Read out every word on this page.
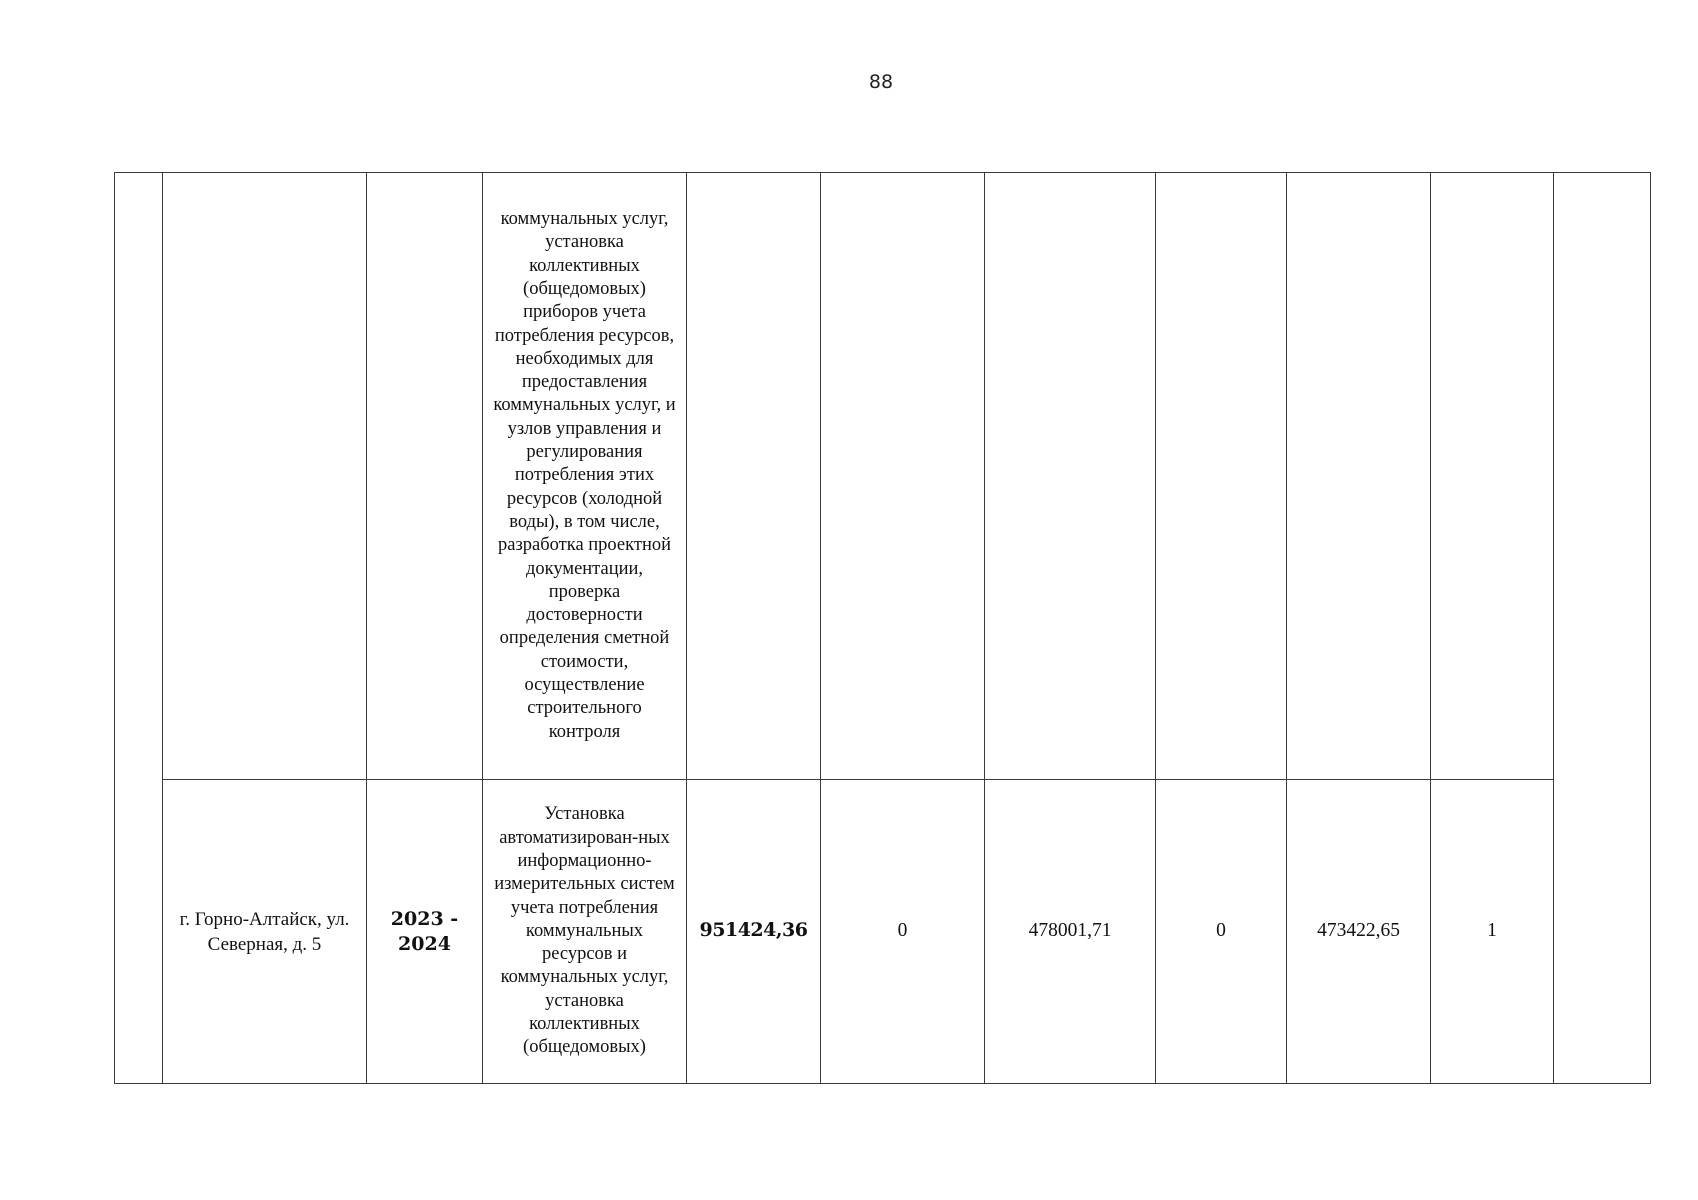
88

			коммунальных услуг, установка коллективных (общедомовых) приборов учета потребления ресурсов, необходимых для предоставления коммунальных услуг, и узлов управления и регулирования потребления этих ресурсов (холодной воды), в том числе, разработка проектной документации, проверка достоверности определения сметной стоимости, осуществление строительного контроля							

	г. Горно-Алтайск, ул. Северная, д. 5	2023 - 2024	Установка автоматизирован-ных информационно-измерительных систем учета потребления коммунальных ресурсов и коммунальных услуг, установка коллективных (общедомовых)	951424,36	0	478001,71	0	473422,65	1	
